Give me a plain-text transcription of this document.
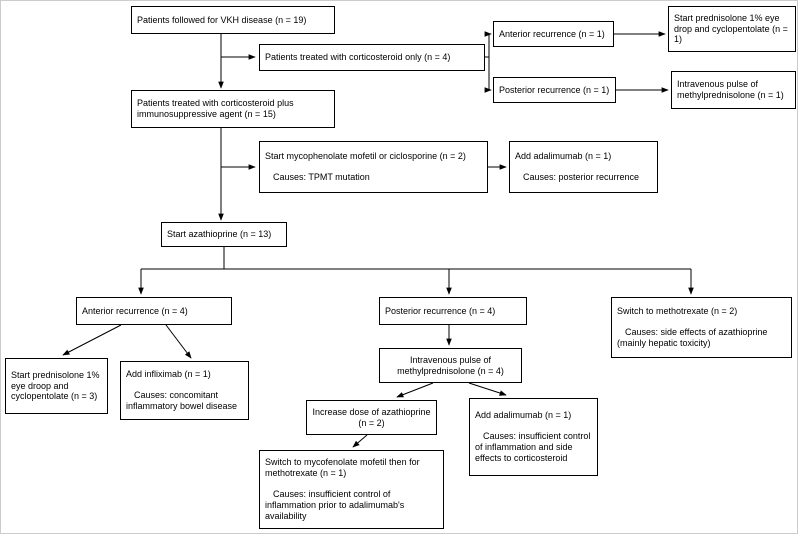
Patients followed for VKH disease (n = 19)
Patients treated with corticosteroid only (n = 4)
Anterior recurrence (n = 1)
Start prednisolone 1% eye drop and cyclopentolate (n = 1)
Posterior recurrence (n = 1)
Intravenous pulse of methylprednisolone (n = 1)
Patients treated with corticosteroid plus immunosuppressive agent (n = 15)
Start mycophenolate mofetil or ciclosporine (n = 2)
Causes: TPMT mutation
Add adalimumab (n = 1)
Causes: posterior recurrence
Start azathioprine (n = 13)
Anterior recurrence (n = 4)	Posterior recurrence (n = 4)	Switch to methotrexate (n = 2)
Causes: side effects of azathioprine (mainly hepatic toxicity)
Start prednisolone 1% eye droop and cyclopentolate (n = 3)
Add infliximab (n = 1)
Causes: concomitant inflammatory bowel disease
Intravenous pulse of methylprednisolone (n = 4)
Increase dose of azathioprine (n = 2)
Add adalimumab (n = 1)
Causes: insufficient control of inflammation and side effects to corticosteroid
Switch to mycofenolate mofetil then for methotrexate (n = 1)
Causes: insufficient control of inflammation prior to adalimumab's availability
